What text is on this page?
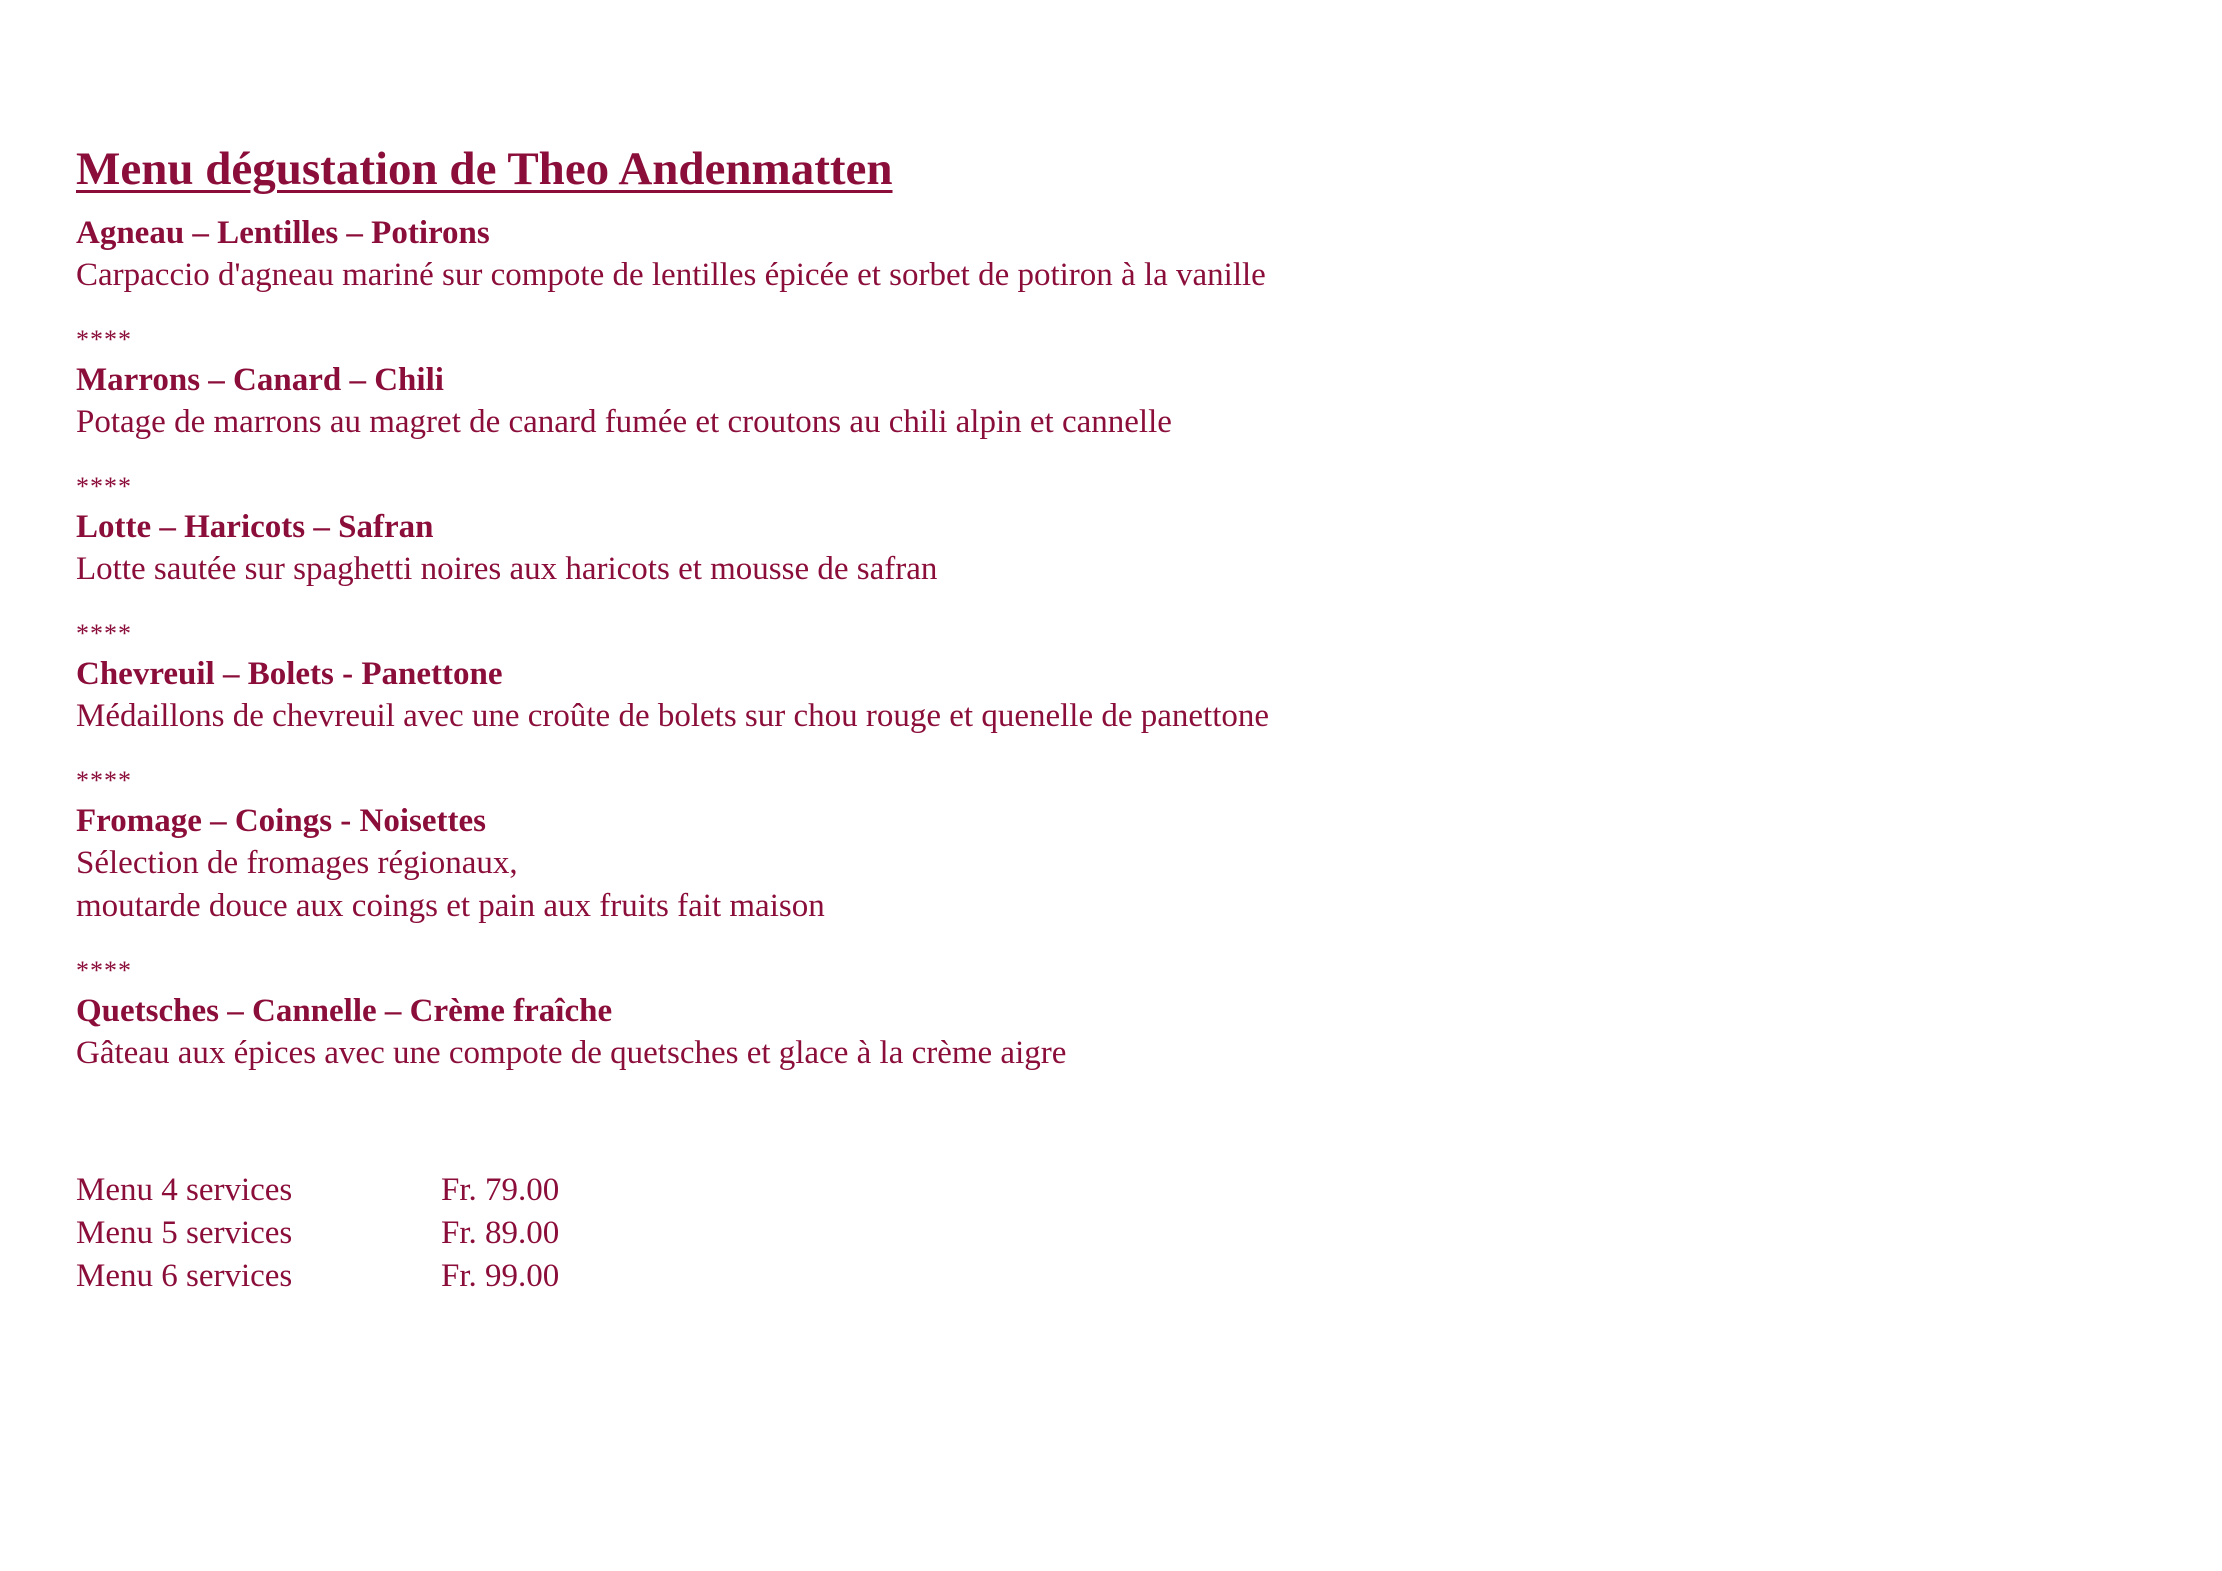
Menu dégustation de Theo Andenmatten
Agneau – Lentilles – Potirons
Carpaccio d'agneau mariné sur compote de lentilles épicée et sorbet de potiron à la vanille
****
Marrons – Canard – Chili
Potage de marrons au magret de canard fumée et croutons au chili alpin et cannelle
****
Lotte – Haricots – Safran
Lotte sautée sur spaghetti noires aux haricots et mousse de safran
****
Chevreuil – Bolets - Panettone
Médaillons de chevreuil avec une croûte de bolets sur chou rouge et quenelle de panettone
****
Fromage – Coings - Noisettes
Sélection de fromages régionaux,
moutarde douce aux coings et pain aux fruits fait maison
****
Quetsches – Cannelle – Crème fraîche
Gâteau aux épices avec une compote de quetsches et glace à la crème aigre
Menu 4 services	Fr. 79.00
Menu 5 services	Fr. 89.00
Menu 6 services	Fr. 99.00
